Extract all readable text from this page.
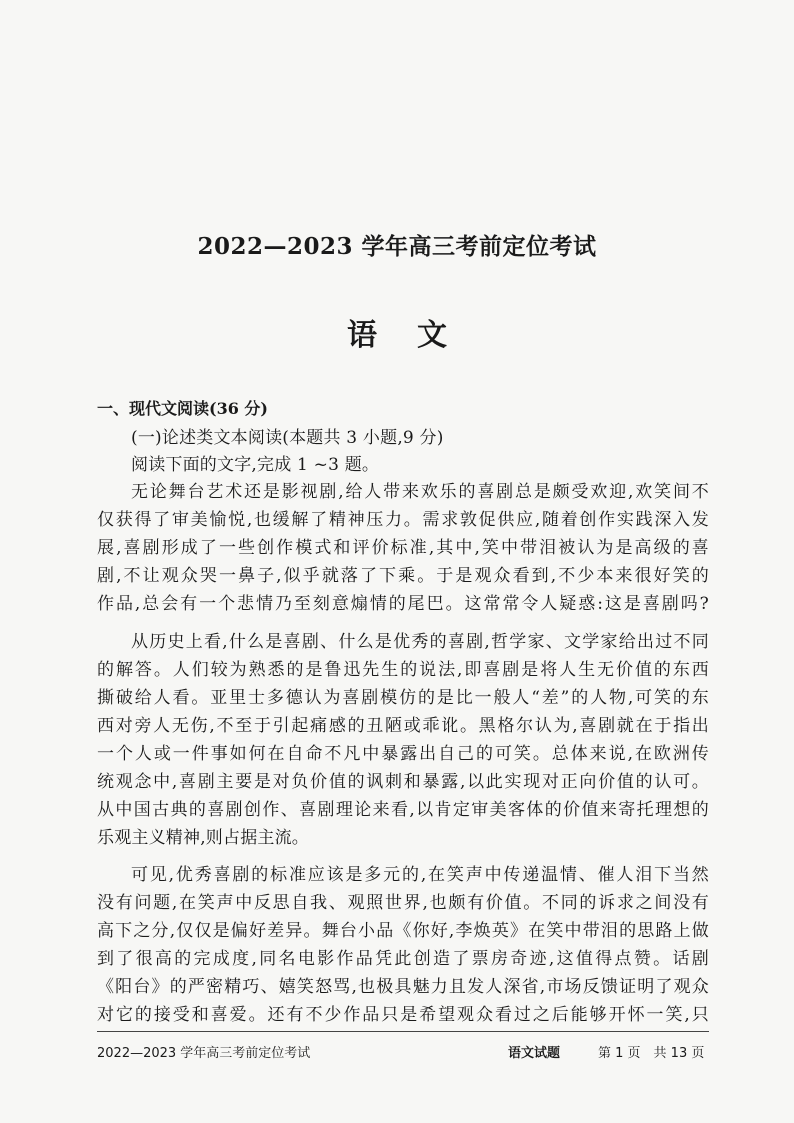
2022—2023 学年高三考前定位考试
语文
一、现代文阅读(36 分)
(一)论述类文本阅读(本题共 3 小题,9 分)
阅读下面的文字,完成 1 ~3 题。
无论舞台艺术还是影视剧,给人带来欢乐的喜剧总是颇受欢迎,欢笑间不
仅获得了审美愉悦,也缓解了精神压力。需求敦促供应,随着创作实践深入发
展,喜剧形成了一些创作模式和评价标准,其中,笑中带泪被认为是高级的喜
剧,不让观众哭一鼻子,似乎就落了下乘。于是观众看到,不少本来很好笑的
作品,总会有一个悲情乃至刻意煽情的尾巴。这常常令人疑惑:这是喜剧吗?
从历史上看,什么是喜剧、什么是优秀的喜剧,哲学家、文学家给出过不同
的解答。人们较为熟悉的是鲁迅先生的说法,即喜剧是将人生无价值的东西
撕破给人看。亚里士多德认为喜剧模仿的是比一般人“差”的人物,可笑的东
西对旁人无伤,不至于引起痛感的丑陋或乖讹。黑格尔认为,喜剧就在于指出
一个人或一件事如何在自命不凡中暴露出自己的可笑。总体来说,在欧洲传
统观念中,喜剧主要是对负价值的讽刺和暴露,以此实现对正向价值的认可。
从中国古典的喜剧创作、喜剧理论来看,以肯定审美客体的价值来寄托理想的
乐观主义精神,则占据主流。
可见,优秀喜剧的标准应该是多元的,在笑声中传递温情、催人泪下当然
没有问题,在笑声中反思自我、观照世界,也颇有价值。不同的诉求之间没有
高下之分,仅仅是偏好差异。舞台小品《你好,李焕英》在笑中带泪的思路上做
到了很高的完成度,同名电影作品凭此创造了票房奇迹,这值得点赞。话剧
《阳台》的严密精巧、嬉笑怒骂,也极具魅力且发人深省,市场反馈证明了观众
对它的接受和喜爱。还有不少作品只是希望观众看过之后能够开怀一笑,只
2022—2023 学年高三考前定位考试	语文试题	第 1 页　共 13 页
